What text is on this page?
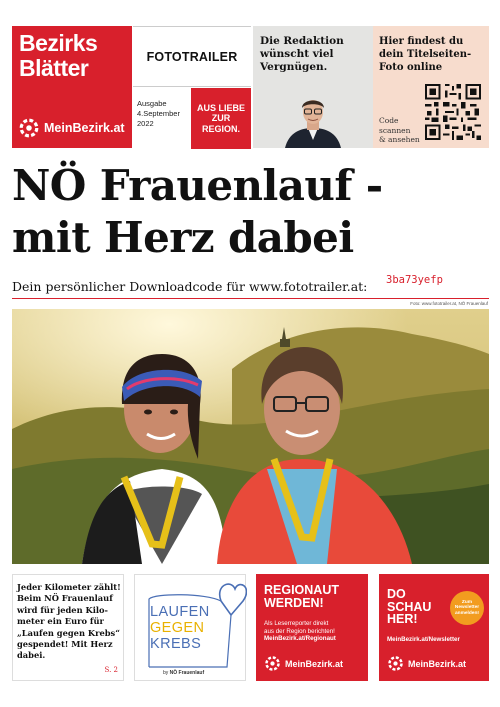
Bezirks
Blätter
MeinBezirk.at
FOTOTRAILER
Ausgabe
4.September 2022
AUS LIEBE
ZUR
REGION.
Die Redaktion
wünscht viel
Vergnügen.
Hier findest du
dein Titelseiten-
Foto online
Code
scannen
& ansehen
NÖ Frauenlauf -
mit Herz dabei
Dein persönlicher Downloadcode für www.fototrailer.at: 3ba73yefp
Foto: www.fototrailer.at, NÖ Frauenlauf
Jeder Kilometer zählt!
Beim NÖ Frauenlauf
wird für jeden Kilo-
meter ein Euro für
„Laufen gegen Krebs“
gespendet! Mit Herz
dabei.
S. 2
LAUFEN
GEGEN
KREBS
by NÖ Frauenlauf
REGIONAUT
WERDEN!
Als Leserreporter direkt
aus der Region berichten!
MeinBezirk.at/Regionaut
MeinBezirk.at
DO
SCHAU
HER!
Zum
Newsletter
anmelden!
MeinBezirk.at/Newsletter
MeinBezirk.at
